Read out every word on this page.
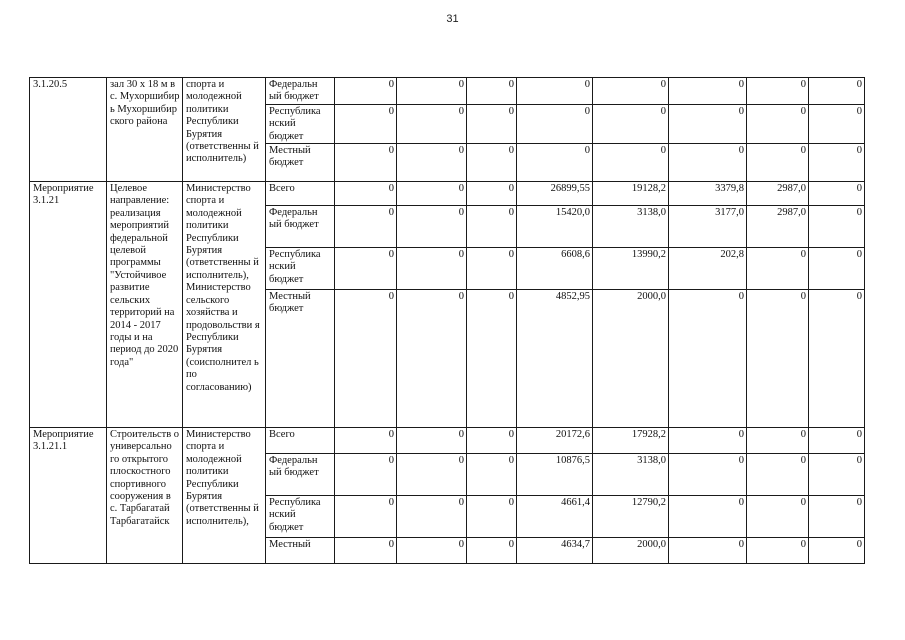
31
3.1.20.5	зал 30 х 18 м в с. Мухоршибир ь Мухоршибир ского района	спорта и молодежной политики Республики Бурятия (ответственны й исполнитель)	Федеральн ый бюджет	0	0	0	0	0	0	0	0
			Республика нский бюджет	0	0	0	0	0	0	0	0
			Местный бюджет	0	0	0	0	0	0	0	0
Мероприятие 3.1.21	Целевое направление: реализация мероприятий федеральной целевой программы "Устойчивое развитие сельских территорий на 2014 - 2017 годы и на период до 2020 года"	Министерство спорта и молодежной политики Республики Бурятия (ответственны й исполнитель), Министерство сельского хозяйства и продовольстви я Республики Бурятия (соисполнител ь по согласованию)	Всего	0	0	0	26899,55	19128,2	3379,8	2987,0	0
			Федеральн ый бюджет	0	0	0	15420,0	3138,0	3177,0	2987,0	0
			Республика нский бюджет	0	0	0	6608,6	13990,2	202,8	0	0
			Местный бюджет	0	0	0	4852,95	2000,0	0	0	0
Мероприятие 3.1.21.1	Строительств о универсально го открытого плоскостного спортивного сооружения в с. Тарбагатай Тарбагатайск	Министерство спорта и молодежной политики Республики Бурятия (ответственны й исполнитель),	Всего	0	0	0	20172,6	17928,2	0	0	0
			Федеральн ый бюджет	0	0	0	10876,5	3138,0	0	0	0
			Республика нский бюджет	0	0	0	4661,4	12790,2	0	0	0
			Местный	0	0	0	4634,7	2000,0	0	0	0
